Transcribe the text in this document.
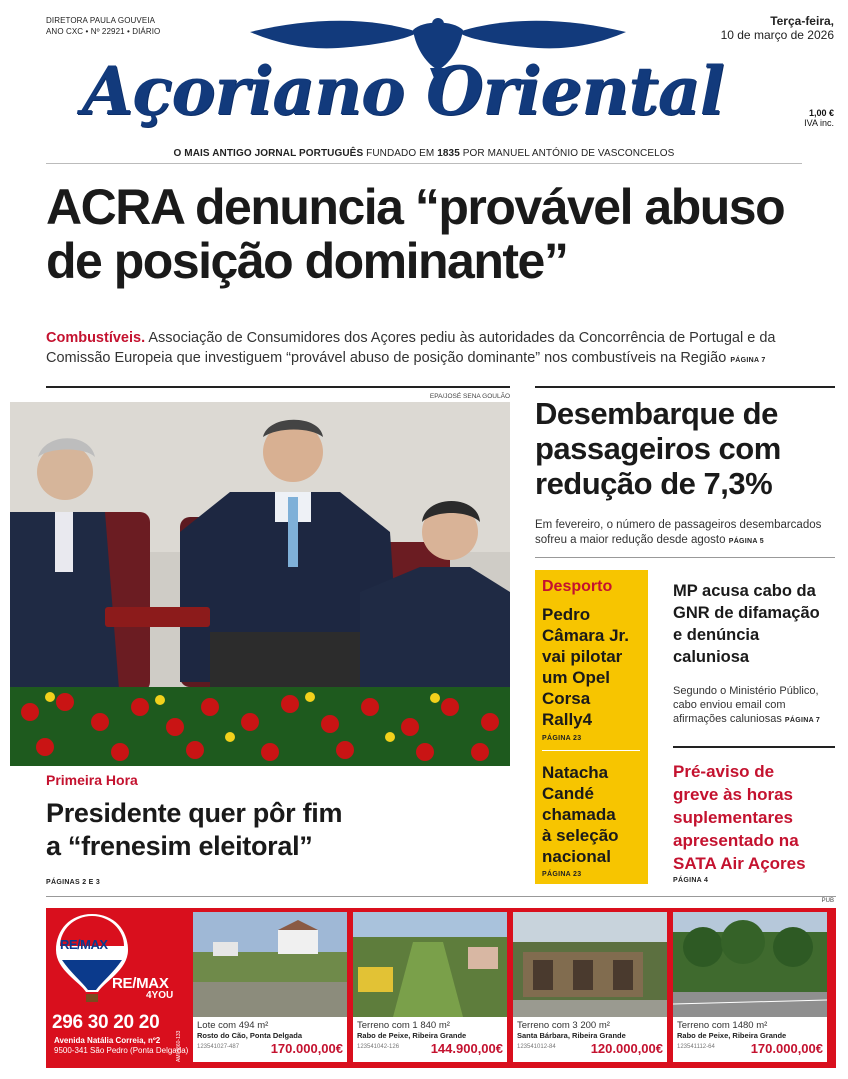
DIRETORA PAULA GOUVEIA
ANO CXC • Nº 22921 • DIÁRIO
Terça-feira,
10 de março de 2026
1,00 €
IVA inc.
Açoriano Oriental
O MAIS ANTIGO JORNAL PORTUGUÊS FUNDADO EM 1835 POR MANUEL ANTÓNIO DE VASCONCELOS
ACRA denuncia “provável abuso de posição dominante”
Combustíveis. Associação de Consumidores dos Açores pediu às autoridades da Concorrência de Portugal e da Comissão Europeia que investiguem “provável abuso de posição dominante” nos combustíveis na Região PÁGINA 7
EPA/JOSÉ SENA GOULÃO
Primeira Hora
Presidente quer pôr fim
a “frenesim eleitoral”
PÁGINAS 2 E 3
Desembarque de
passageiros com
redução de 7,3%
Em fevereiro, o número de passageiros desembarcados
sofreu a maior redução desde agosto PÁGINA 5
Desporto
Pedro
Câmara Jr.
vai pilotar
um Opel
Corsa
Rally4
PÁGINA 23
Natacha
Candé
chamada
à seleção
nacional
PÁGINA 23
MP acusa cabo da
GNR de difamação
e denúncia
caluniosa
Segundo o Ministério Público,
cabo enviou email com
afirmações caluniosas PÁGINA 7
Pré-aviso de
greve às horas
suplementares
apresentado na
SATA Air Açores
PÁGINA 4
PUB
RE/MAX
RE/MAX
4YOU
296 30 20 20
Avenida Natália Correia, nº2
9500-341 São Pedro (Ponta Delgada)
AMI 4860-133
Lote com 494 m²
Rosto do Cão, Ponta Delgada
123541027-487	170.000,00€
Terreno com 1 840 m²
Rabo de Peixe, Ribeira Grande
123541042-126	144.900,00€
Terreno com 3 200 m²
Santa Bárbara, Ribeira Grande
123541012-84	120.000,00€
Terreno com 1480 m²
Rabo de Peixe, Ribeira Grande
123541112-64	170.000,00€
